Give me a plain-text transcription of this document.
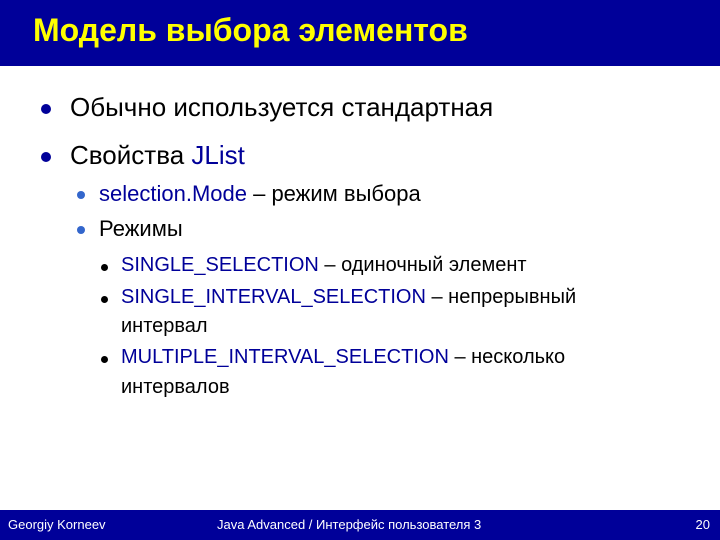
Модель выбора элементов
Обычно используется стандартная
Свойства JList
selection.Mode – режим выбора
Режимы
SINGLE_SELECTION – одиночный элемент
SINGLE_INTERVAL_SELECTION – непрерывный
интервал
MULTIPLE_INTERVAL_SELECTION – несколько
интервалов
Georgiy Korneev	Java Advanced / Интерфейс пользователя 3	20
